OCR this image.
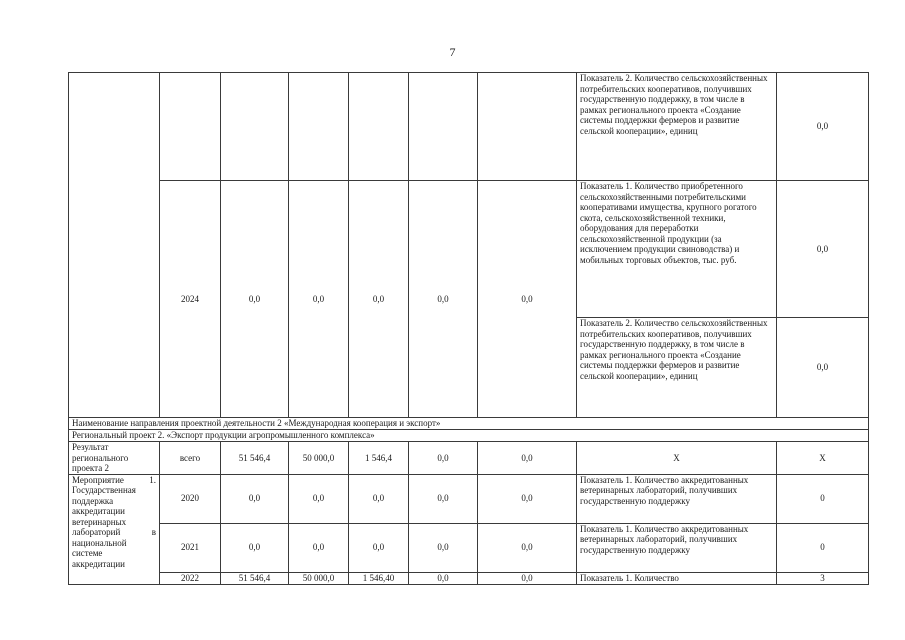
7
							Показатель 2. Количество сельскохозяйственных потребительских кооперативов, получивших государственную поддержку, в том числе в рамках регионального проекта «Создание системы поддержки фермеров и развитие сельской кооперации», единиц	0,0
	2024	0,0	0,0	0,0	0,0	0,0	Показатель 1. Количество приобретенного сельскохозяйственными потребительскими кооперативами имущества, крупного рогатого скота, сельскохозяйственной техники, оборудования для переработки сельскохозяйственной продукции (за исключением продукции свиноводства) и мобильных торговых объектов, тыс. руб.	0,0
							Показатель 2. Количество сельскохозяйственных потребительских кооперативов, получивших государственную поддержку, в том числе в рамках регионального проекта «Создание системы поддержки фермеров и развитие сельской кооперации», единиц	0,0
Наименование направления проектной деятельности 2 «Международная кооперация и экспорт»								
Региональный проект 2. «Экспорт продукции агропромышленного комплекса»								
Результат регионального проекта 2	всего	51 546,4	50 000,0	1 546,4	0,0	0,0	Х	Х
Мероприятие 1. Государственная поддержка аккредитации ветеринарных лабораторий в национальной системе аккредитации	2020	0,0	0,0	0,0	0,0	0,0	Показатель 1. Количество аккредитованных ветеринарных лабораторий, получивших государственную поддержку	0
	2021	0,0	0,0	0,0	0,0	0,0	Показатель 1. Количество аккредитованных ветеринарных лабораторий, получивших государственную поддержку	0
	2022	51 546,4	50 000,0	1 546,40	0,0	0,0	Показатель 1. Количество	3
